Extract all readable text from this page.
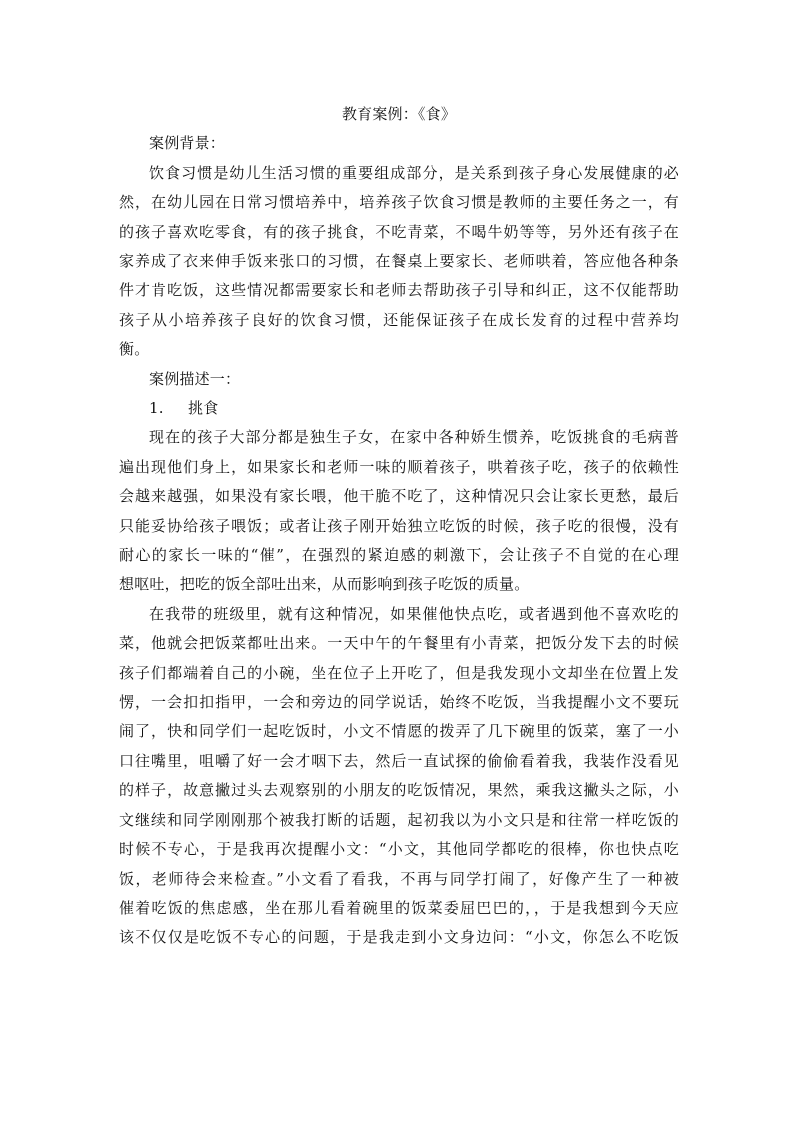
教育案例：《食》

案例背景：

饮食习惯是幼儿生活习惯的重要组成部分，是关系到孩子身心发展健康的必
然，在幼儿园在日常习惯培养中，培养孩子饮食习惯是教师的主要任务之一，有
的孩子喜欢吃零食，有的孩子挑食，不吃青菜，不喝牛奶等等，另外还有孩子在
家养成了衣来伸手饭来张口的习惯，在餐桌上要家长、老师哄着，答应他各种条
件才肯吃饭，这些情况都需要家长和老师去帮助孩子引导和纠正，这不仅能帮助
孩子从小培养孩子良好的饮食习惯，还能保证孩子在成长发育的过程中营养均
衡。

案例描述一：

1. 挑食

现在的孩子大部分都是独生子女，在家中各种娇生惯养，吃饭挑食的毛病普
遍出现他们身上，如果家长和老师一味的顺着孩子，哄着孩子吃，孩子的依赖性
会越来越强，如果没有家长喂，他干脆不吃了，这种情况只会让家长更愁，最后
只能妥协给孩子喂饭；或者让孩子刚开始独立吃饭的时候，孩子吃的很慢，没有
耐心的家长一味的“催”，在强烈的紧迫感的刺激下，会让孩子不自觉的在心理
想呕吐，把吃的饭全部吐出来，从而影响到孩子吃饭的质量。

在我带的班级里，就有这种情况，如果催他快点吃，或者遇到他不喜欢吃的
菜，他就会把饭菜都吐出来。一天中午的午餐里有小青菜，把饭分发下去的时候
孩子们都端着自己的小碗，坐在位子上开吃了，但是我发现小文却坐在位置上发
愣，一会扣扣指甲，一会和旁边的同学说话，始终不吃饭，当我提醒小文不要玩
闹了，快和同学们一起吃饭时，小文不情愿的拨弄了几下碗里的饭菜，塞了一小
口往嘴里，咀嚼了好一会才咽下去，然后一直试探的偷偷看着我，我装作没看见
的样子，故意撇过头去观察别的小朋友的吃饭情况，果然，乘我这撇头之际，小
文继续和同学刚刚那个被我打断的话题，起初我以为小文只是和往常一样吃饭的
时候不专心，于是我再次提醒小文：“小文，其他同学都吃的很棒，你也快点吃
饭，老师待会来检查。”小文看了看我，不再与同学打闹了，好像产生了一种被
催着吃饭的焦虑感，坐在那儿看着碗里的饭菜委屈巴巴的，，于是我想到今天应
该不仅仅是吃饭不专心的问题，于是我走到小文身边问：“小文，你怎么不吃饭
